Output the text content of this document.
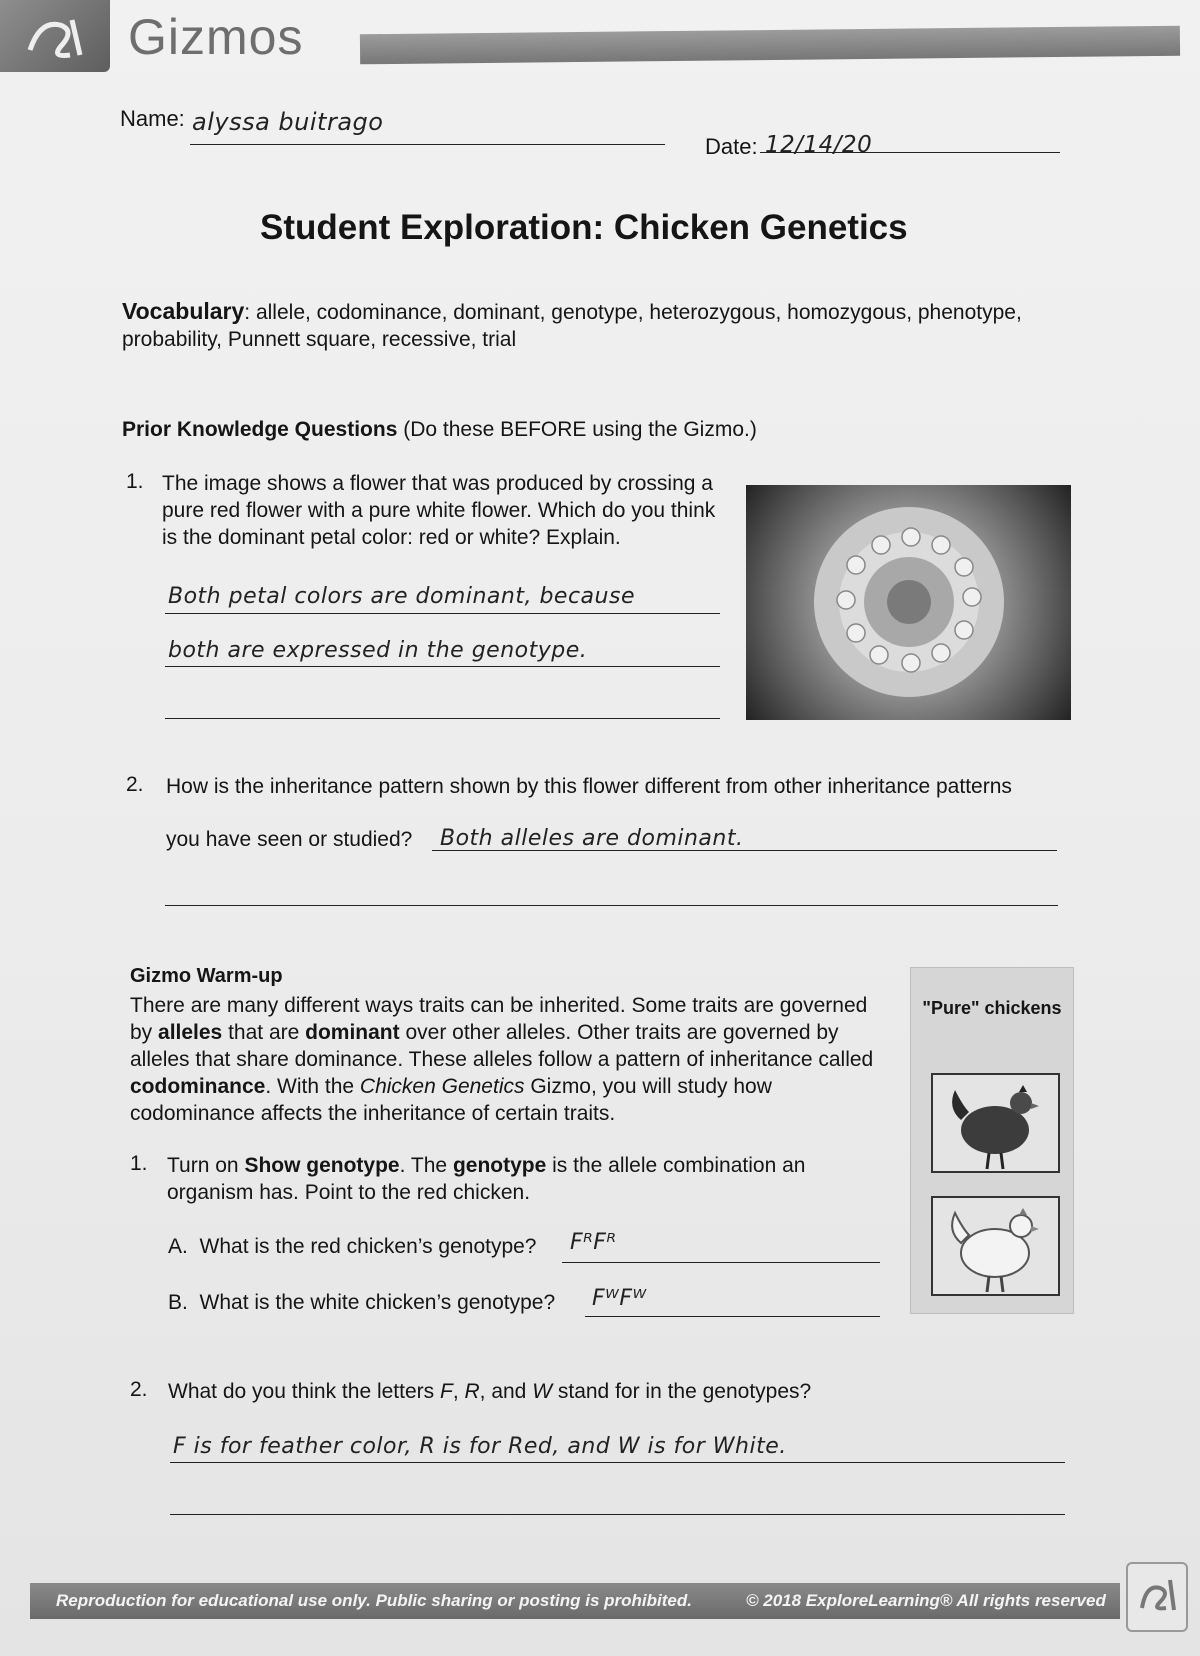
Gizmos
Name: alyssa buitrago
Date: 12/14/20
Student Exploration: Chicken Genetics
Vocabulary: allele, codominance, dominant, genotype, heterozygous, homozygous, phenotype, probability, Punnett square, recessive, trial
Prior Knowledge Questions (Do these BEFORE using the Gizmo.)
1. The image shows a flower that was produced by crossing a pure red flower with a pure white flower. Which do you think is the dominant petal color: red or white? Explain.
Both petal colors are dominant, because
both are expressed in the genotype.
2. How is the inheritance pattern shown by this flower different from other inheritance patterns
you have seen or studied? Both alleles are dominant.
Gizmo Warm-up
There are many different ways traits can be inherited. Some traits are governed by alleles that are dominant over other alleles. Other traits are governed by alleles that share dominance. These alleles follow a pattern of inheritance called codominance. With the Chicken Genetics Gizmo, you will study how codominance affects the inheritance of certain traits.
"Pure" chickens
1. Turn on Show genotype. The genotype is the allele combination an organism has. Point to the red chicken.
A. What is the red chicken’s genotype? FᴿFᴿ
B. What is the white chicken’s genotype? FᵂFᵂ
2. What do you think the letters F, R, and W stand for in the genotypes?
F is for feather color, R is for Red, and W is for White.
Reproduction for educational use only. Public sharing or posting is prohibited.	© 2018 ExploreLearning® All rights reserved
